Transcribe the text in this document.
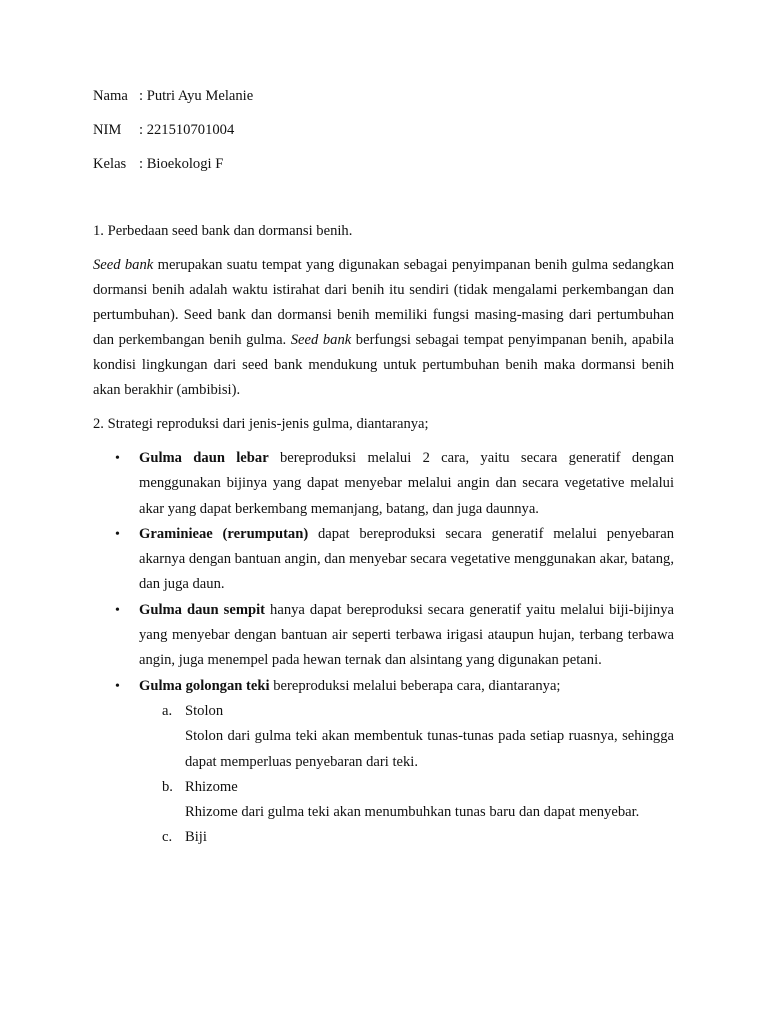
Nama : Putri Ayu Melanie
NIM	: 221510701004
Kelas : Bioekologi F
1. Perbedaan seed bank dan dormansi benih.

Seed bank merupakan suatu tempat yang digunakan sebagai penyimpanan benih gulma sedangkan dormansi benih adalah waktu istirahat dari benih itu sendiri (tidak mengalami perkembangan dan pertumbuhan). Seed bank dan dormansi benih memiliki fungsi masing-masing dari pertumbuhan dan perkembangan benih gulma. Seed bank berfungsi sebagai tempat penyimpanan benih, apabila kondisi lingkungan dari seed bank mendukung untuk pertumbuhan benih maka dormansi benih akan berakhir (ambibisi).

2. Strategi reproduksi dari jenis-jenis gulma, diantaranya;
• Gulma daun lebar bereproduksi melalui 2 cara, yaitu secara generatif dengan menggunakan bijinya yang dapat menyebar melalui angin dan secara vegetative melalui akar yang dapat berkembang memanjang, batang, dan juga daunnya.
• Graminieae (rerumputan) dapat bereproduksi secara generatif melalui penyebaran akarnya dengan bantuan angin, dan menyebar secara vegetative menggunakan akar, batang, dan juga daun.
• Gulma daun sempit hanya dapat bereproduksi secara generatif yaitu melalui biji-bijinya yang menyebar dengan bantuan air seperti terbawa irigasi ataupun hujan, terbang terbawa angin, juga menempel pada hewan ternak dan alsintang yang digunakan petani.
• Gulma golongan teki bereproduksi melalui beberapa cara, diantaranya;
a. Stolon
Stolon dari gulma teki akan membentuk tunas-tunas pada setiap ruasnya, sehingga dapat memperluas penyebaran dari teki.
b. Rhizome
Rhizome dari gulma teki akan menumbuhkan tunas baru dan dapat menyebar.
c. Biji
